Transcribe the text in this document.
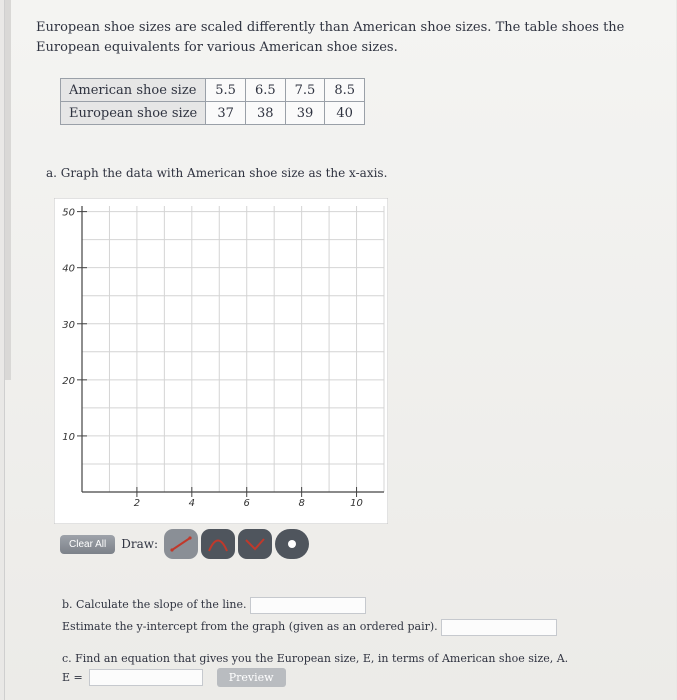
European shoe sizes are scaled differently than American shoe sizes. The table shoes the European equivalents for various American shoe sizes.
American shoe size	5.5	6.5	7.5	8.5
European shoe size	37	38	39	40
a. Graph the data with American shoe size as the x-axis.
2	4	6	8	10
10
20
30
40
50
Clear All	Draw:
b. Calculate the slope of the line.
Estimate the y-intercept from the graph (given as an ordered pair).
c. Find an equation that gives you the European size, E, in terms of American shoe size, A.
E =	Preview
